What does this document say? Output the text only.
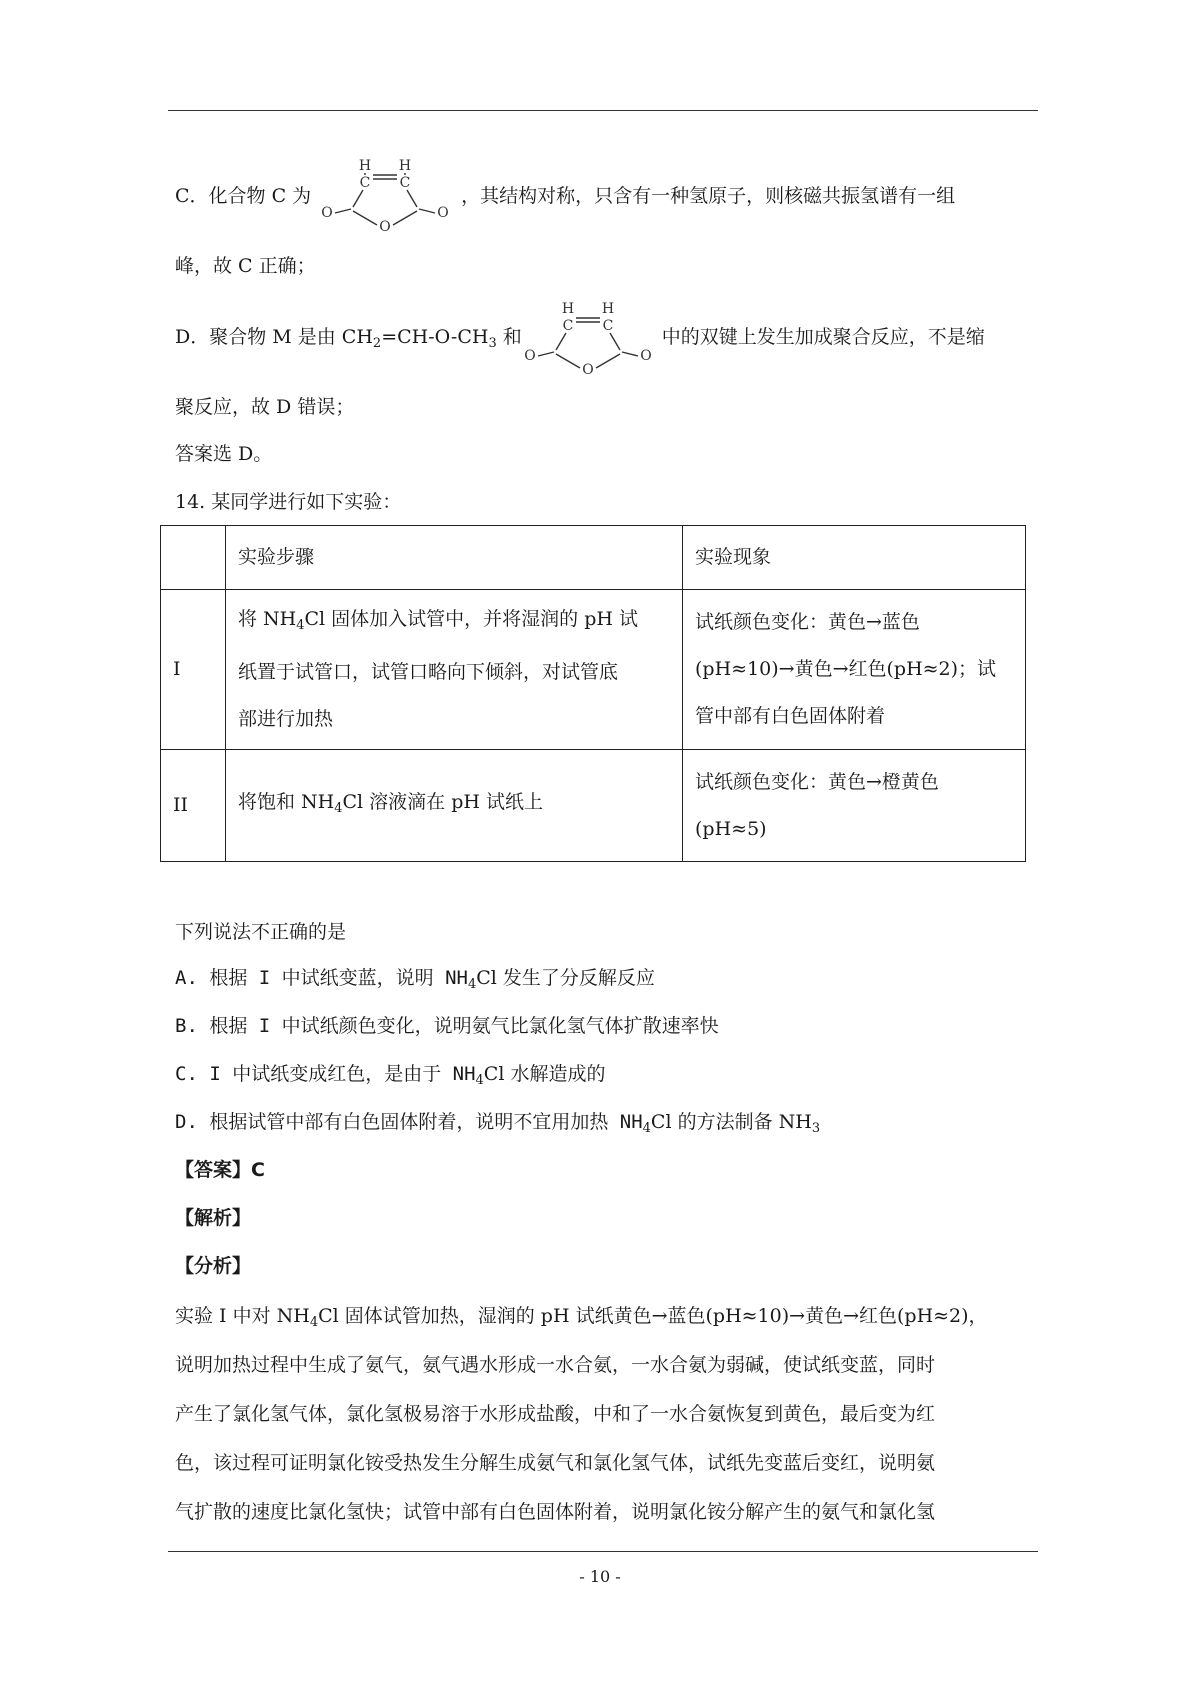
C．化合物 C 为	，其结构对称，只含有一种氢原子，则核磁共振氢谱有一组
H H
C C
O	O
O
峰，故 C 正确；
D．聚合物 M 是由 $CH_2=CH-O-CH_3$ 和	中的双键上发生加成聚合反应，不是缩
H H
C C
O	O
O
聚反应，故 D 错误；
答案选 D。
14. 某同学进行如下实验：
	实验步骤	实验现象
I	将 $NH_4Cl$ 固体加入试管中，并将湿润的 pH 试
纸置于试管口，试管口略向下倾斜，对试管底
部进行加热	试纸颜色变化：黄色→蓝色
(pH≈10)→黄色→红色(pH≈2)；试
管中部有白色固体附着
II	将饱和 $NH_4Cl$ 溶液滴在 pH 试纸上	试纸颜色变化：黄色→橙黄色
(pH≈5)
下列说法不正确的是
A. 根据 I 中试纸变蓝，说明 $NH_4Cl$ 发生了分反解反应
B. 根据 I 中试纸颜色变化，说明氨气比氯化氢气体扩散速率快
C. I 中试纸变成红色，是由于 $NH_4Cl$ 水解造成的
D. 根据试管中部有白色固体附着，说明不宜用加热 $NH_4Cl$ 的方法制备 $NH_3$
【答案】C
【解析】
【分析】
实验 I 中对 $NH_4Cl$ 固体试管加热，湿润的 pH 试纸黄色→蓝色(pH≈10)→黄色→红色(pH≈2)，
说明加热过程中生成了氨气，氨气遇水形成一水合氨，一水合氨为弱碱，使试纸变蓝，同时
产生了氯化氢气体，氯化氢极易溶于水形成盐酸，中和了一水合氨恢复到黄色，最后变为红
色，该过程可证明氯化铵受热发生分解生成氨气和氯化氢气体，试纸先变蓝后变红，说明氨
气扩散的速度比氯化氢快；试管中部有白色固体附着，说明氯化铵分解产生的氨气和氯化氢
- 10 -
